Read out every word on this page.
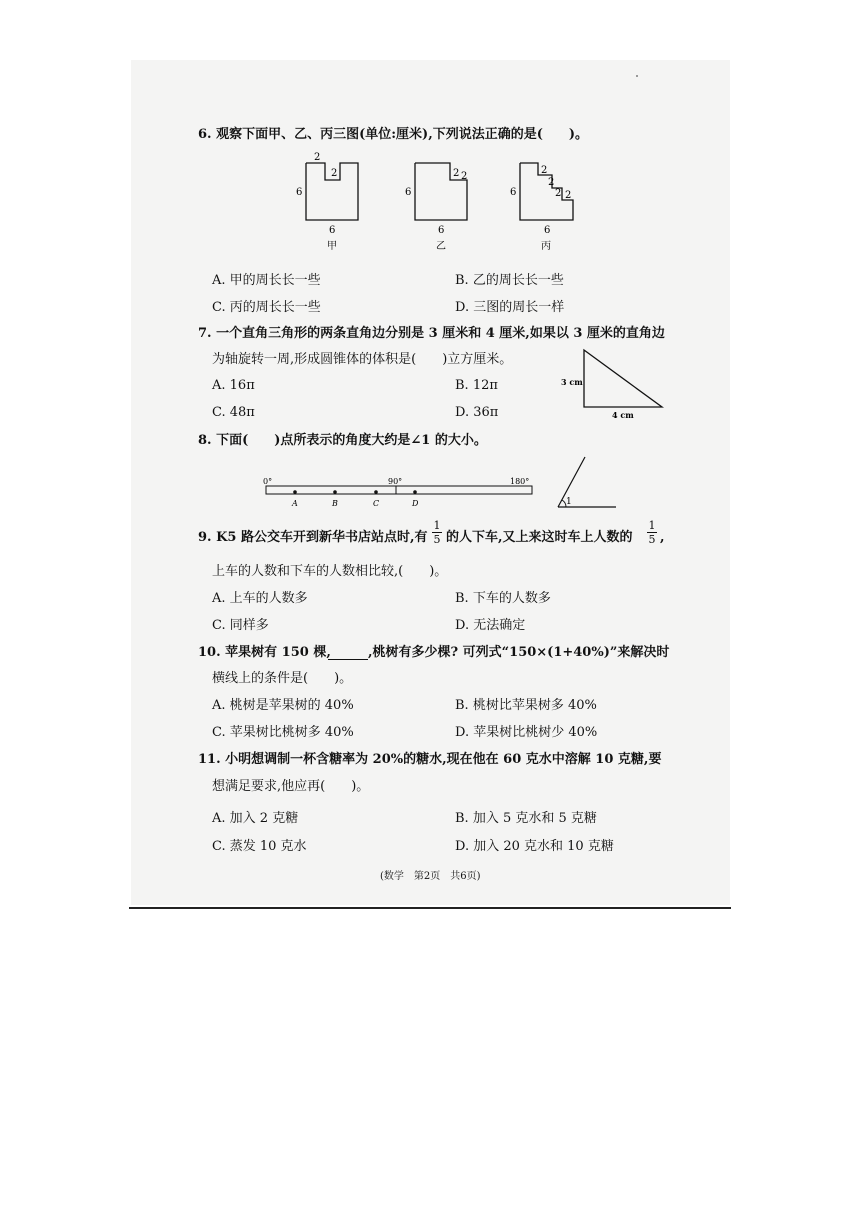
6. 观察下面甲、乙、丙三图(单位:厘米),下列说法正确的是(　　)。
2
2
6
6
甲
2 2
6
6
乙
2
2
2 2
6
6
丙
A. 甲的周长长一些	B. 乙的周长长一些
C. 丙的周长长一些	D. 三图的周长一样
7. 一个直角三角形的两条直角边分别是 3 厘米和 4 厘米,如果以 3 厘米的直角边
为轴旋转一周,形成圆锥体的体积是(　　)立方厘米。
A. 16π	B. 12π
C. 48π	D. 36π
3 cm
4 cm
8. 下面(　　)点所表示的角度大约是∠1 的大小。
0°	90°	180°
A	B	C	D	1
9. K5 路公交车开到新华书店站点时,有
1
5 的人下车,又上来这时车上人数的
1
5 ,
上车的人数和下车的人数相比较,(　　)。
A. 上车的人数多	B. 下车的人数多
C. 同样多	D. 无法确定
10. 苹果树有 150 棵,	,桃树有多少棵? 可列式“150×(1+40%)”来解决时
横线上的条件是(　　)。
A. 桃树是苹果树的 40%	B. 桃树比苹果树多 40%
C. 苹果树比桃树多 40%	D. 苹果树比桃树少 40%
11. 小明想调制一杯含糖率为 20%的糖水,现在他在 60 克水中溶解 10 克糖,要
想满足要求,他应再(　　)。
A. 加入 2 克糖	B. 加入 5 克水和 5 克糖
C. 蒸发 10 克水	D. 加入 20 克水和 10 克糖
(数学　第2页　共6页)
